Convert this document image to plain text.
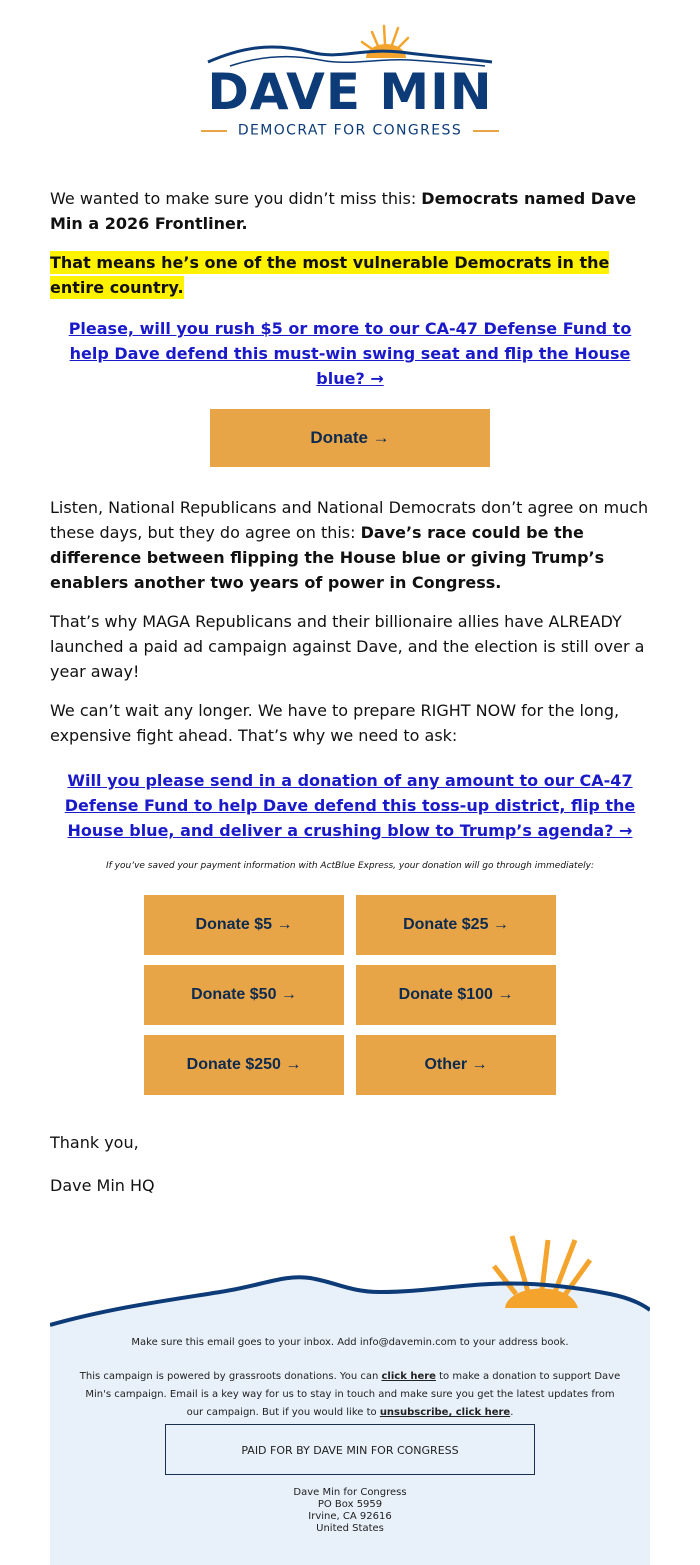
DAVE MIN
DEMOCRAT FOR CONGRESS

We wanted to make sure you didn’t miss this: Democrats named Dave Min a 2026 Frontliner.

That means he’s one of the most vulnerable Democrats in the entire country.

Please, will you rush $5 or more to our CA-47 Defense Fund to help Dave defend this must-win swing seat and flip the House blue? →

Donate →

Listen, National Republicans and National Democrats don’t agree on much these days, but they do agree on this: Dave’s race could be the difference between flipping the House blue or giving Trump’s enablers another two years of power in Congress.

That’s why MAGA Republicans and their billionaire allies have ALREADY launched a paid ad campaign against Dave, and the election is still over a year away!

We can’t wait any longer. We have to prepare RIGHT NOW for the long, expensive fight ahead. That’s why we need to ask:

Will you please send in a donation of any amount to our CA-47 Defense Fund to help Dave defend this toss-up district, flip the House blue, and deliver a crushing blow to Trump’s agenda? →

If you’ve saved your payment information with ActBlue Express, your donation will go through immediately:

Donate $5 →	Donate $25 →
Donate $50 →	Donate $100 →
Donate $250 →	Other →
Thank you,
Dave Min HQ

Make sure this email goes to your inbox. Add info@davemin.com to your address book.

This campaign is powered by grassroots donations. You can click here to make a donation to support Dave Min's campaign. Email is a key way for us to stay in touch and make sure you get the latest updates from our campaign. But if you would like to unsubscribe, click here.

PAID FOR BY DAVE MIN FOR CONGRESS
Dave Min for Congress
PO Box 5959
Irvine, CA 92616
United States
